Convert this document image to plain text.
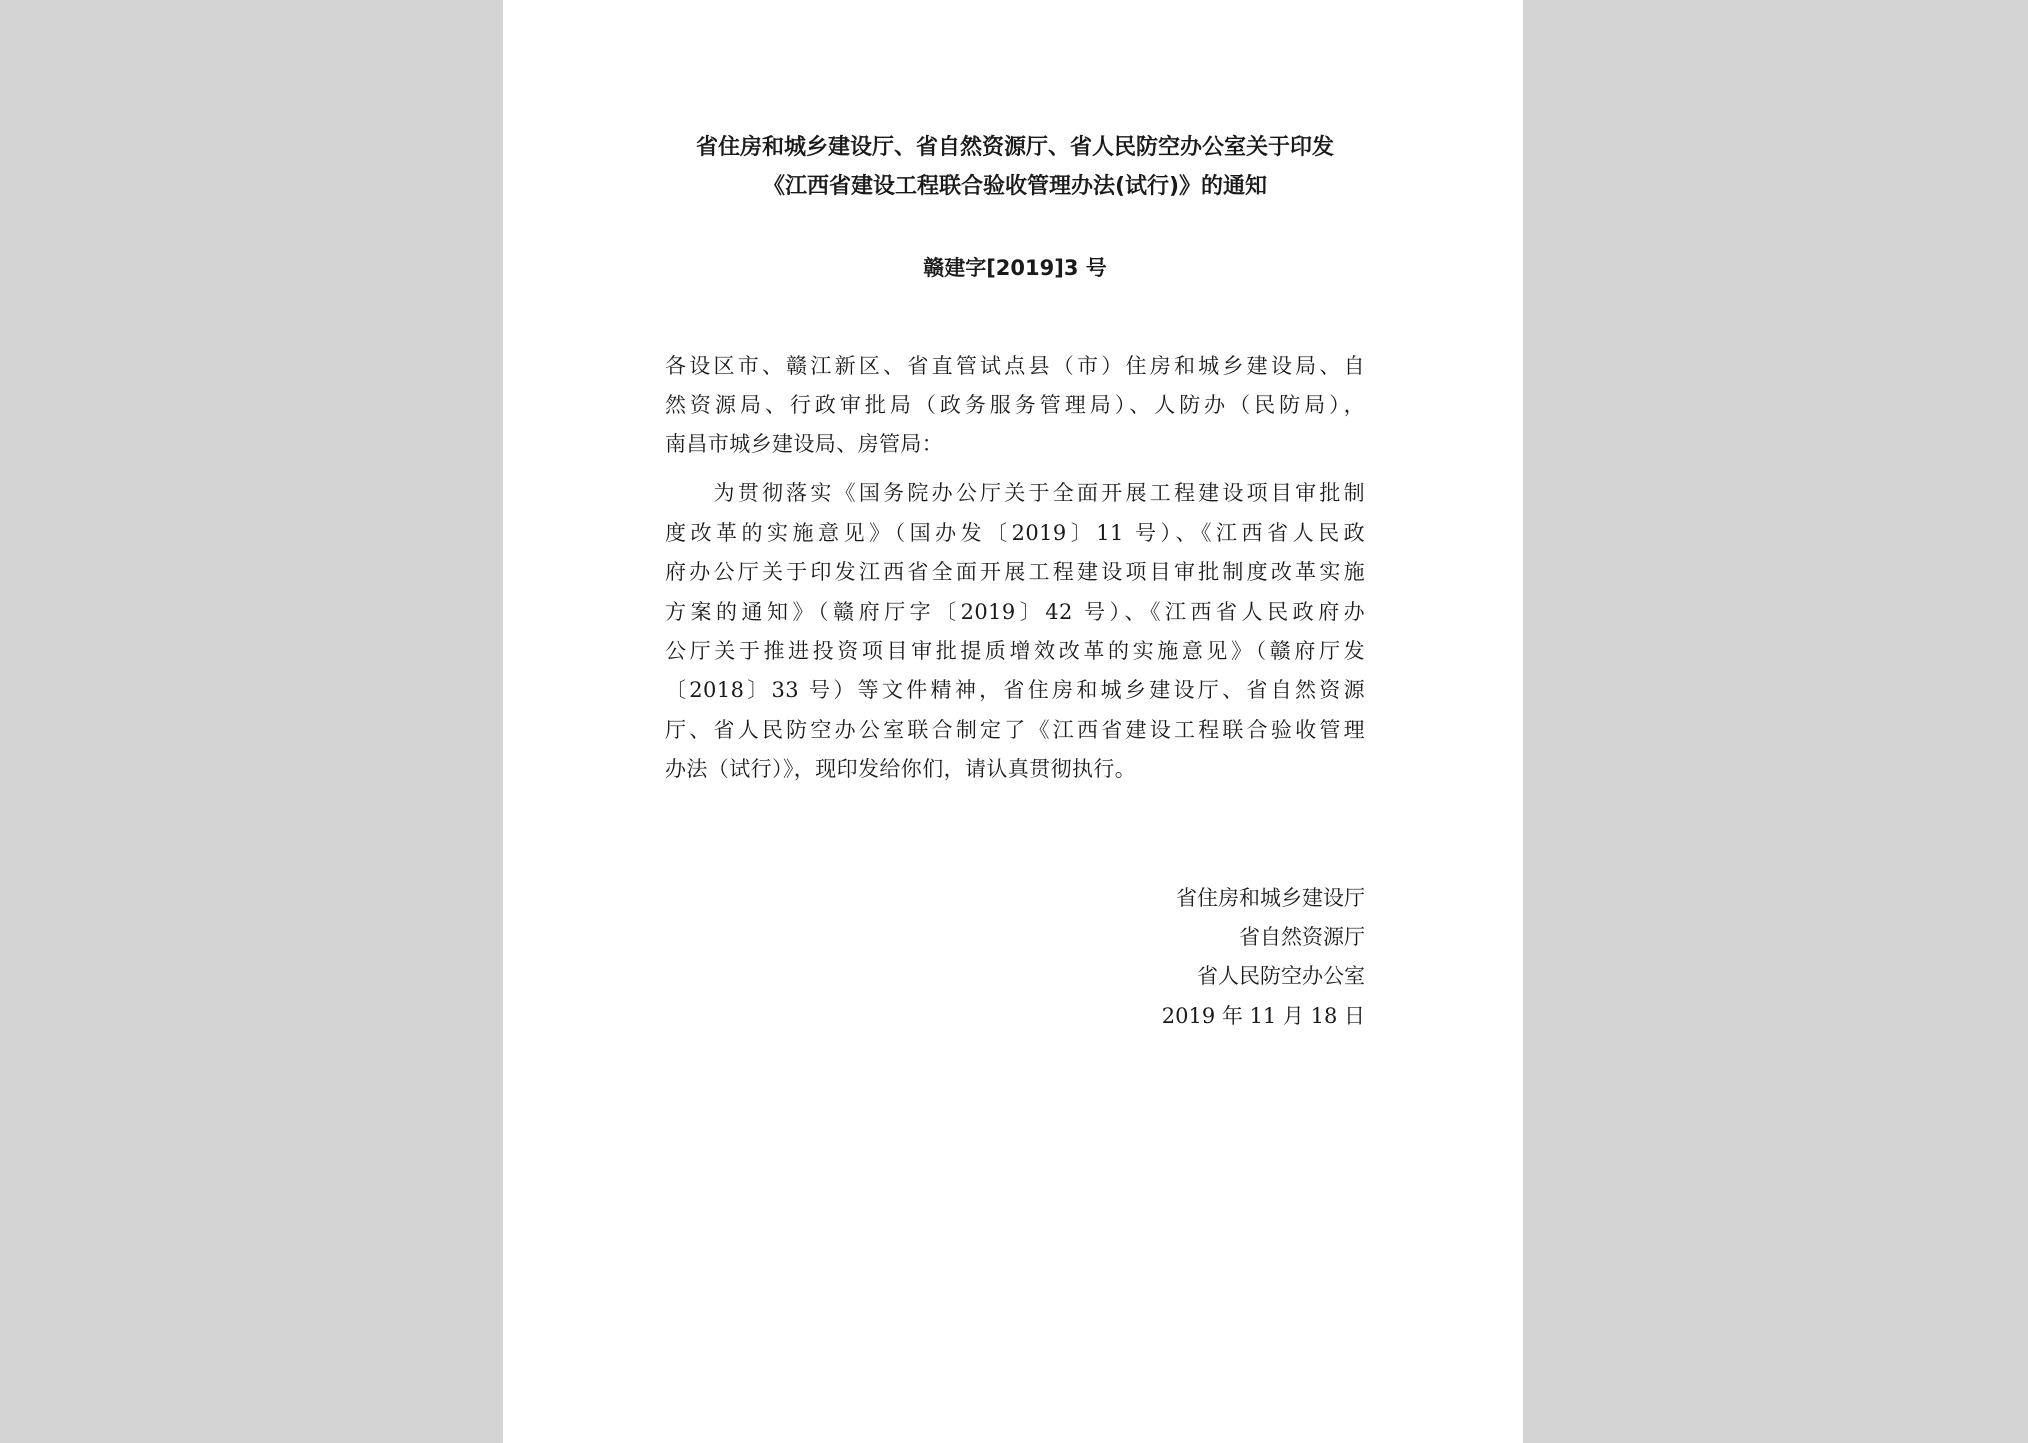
省住房和城乡建设厅、省自然资源厅、省人民防空办公室关于印发
《江西省建设工程联合验收管理办法(试行)》的通知
赣建字[2019]3 号
各设区市、赣江新区、省直管试点县（市）住房和城乡建设局、自
然资源局、行政审批局（政务服务管理局）、人防办（民防局），
南昌市城乡建设局、房管局：
　　为贯彻落实《国务院办公厅关于全面开展工程建设项目审批制
度改革的实施意见》（国办发〔2019〕11 号）、《江西省人民政
府办公厅关于印发江西省全面开展工程建设项目审批制度改革实施
方案的通知》（赣府厅字〔2019〕42 号）、《江西省人民政府办
公厅关于推进投资项目审批提质增效改革的实施意见》（赣府厅发
〔2018〕33 号）等文件精神，省住房和城乡建设厅、省自然资源
厅、省人民防空办公室联合制定了《江西省建设工程联合验收管理
办法（试行）》，现印发给你们，请认真贯彻执行。
省住房和城乡建设厅
省自然资源厅
省人民防空办公室
2019 年 11 月 18 日
